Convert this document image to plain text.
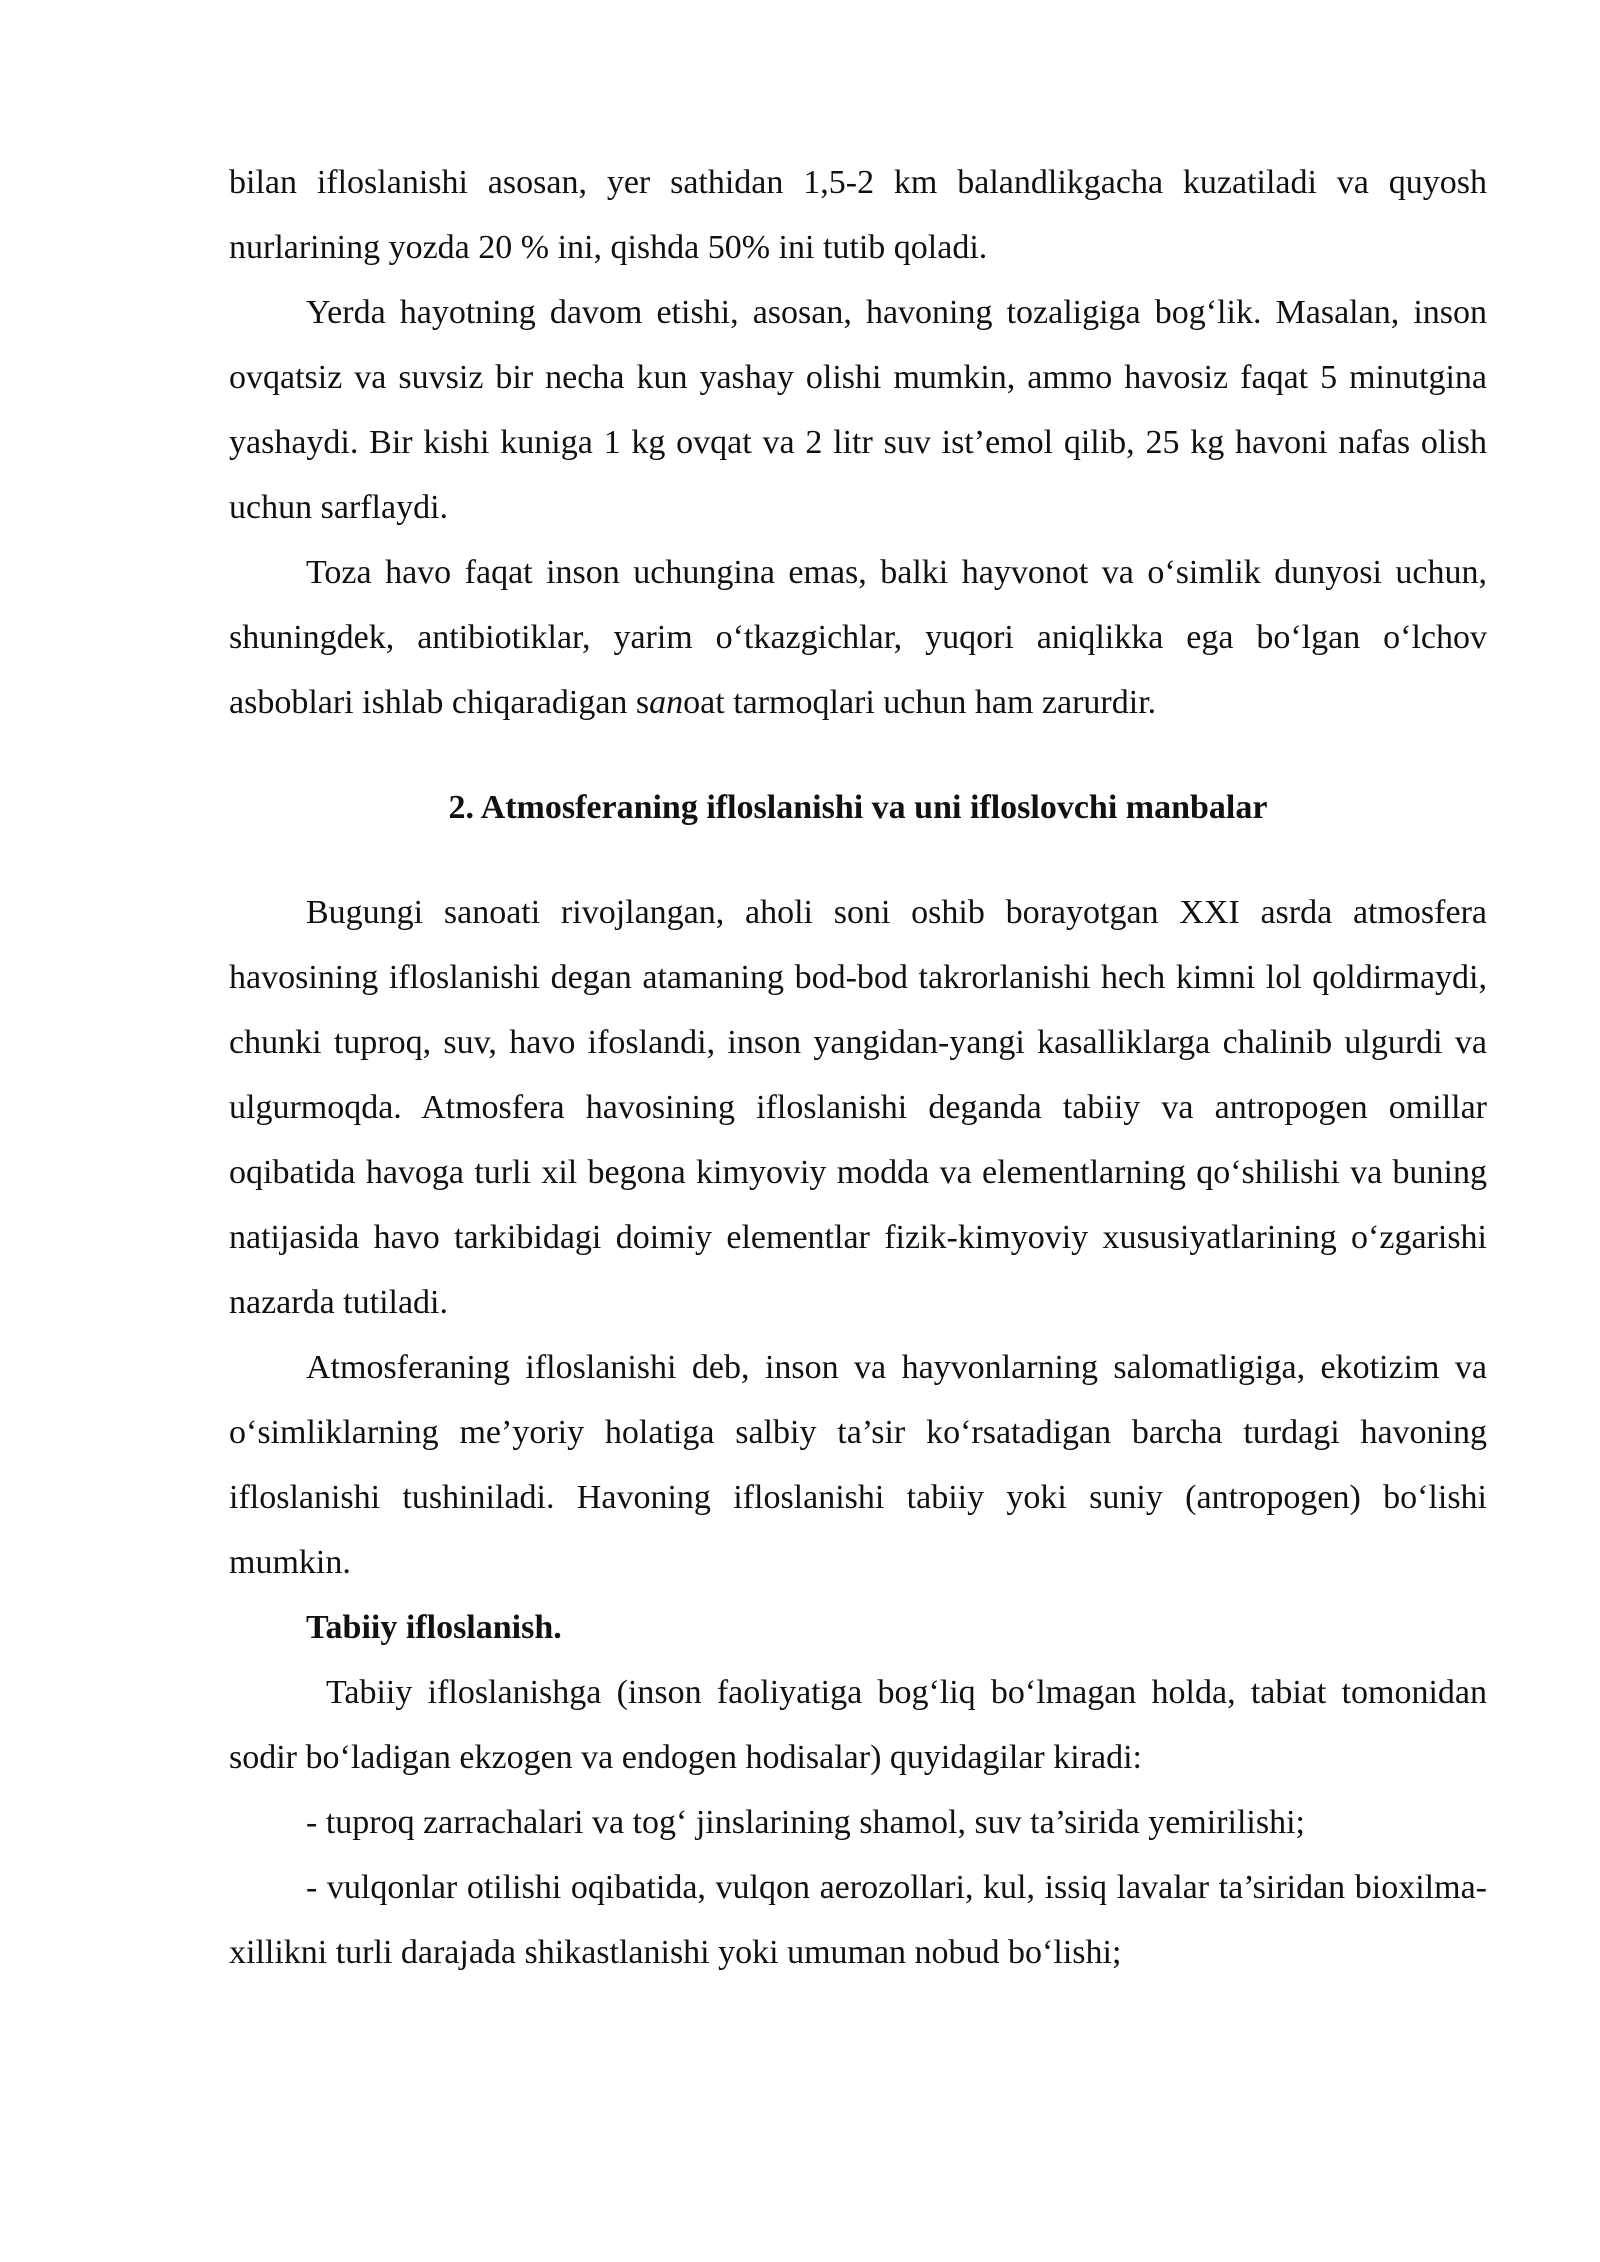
bilan ifloslanishi asosan, yer sathidan 1,5-2 km balandlikgacha kuzatiladi va quyosh nurlarining yozda 20 % ini, qishda 50% ini tutib qoladi.

Yerda hayotning davom etishi, asosan, havoning tozaligiga bog‘lik. Masalan, inson ovqatsiz va suvsiz bir necha kun yashay olishi mumkin, ammo havosiz faqat 5 minutgina yashaydi. Bir kishi kuniga 1 kg ovqat va 2 litr suv ist’emol qilib, 25 kg havoni nafas olish uchun sarflaydi.

Toza havo faqat inson uchungina emas, balki hayvonot va o‘simlik dunyosi uchun, shuningdek, antibiotiklar, yarim o‘tkazgichlar, yuqori aniqlikka ega bo‘lgan o‘lchov asboblari ishlab chiqaradigan sanoat tarmoqlari uchun ham zarurdir.

2. Atmosferaning ifloslanishi va uni ifloslovchi manbalar

Bugungi sanoati rivojlangan, aholi soni oshib borayotgan XXI asrda atmosfera havosining ifloslanishi degan atamaning bod-bod takrorlanishi hech kimni lol qoldirmaydi, chunki tuproq, suv, havo ifoslandi, inson yangidan-yangi kasalliklarga chalinib ulgurdi va ulgurmoqda. Atmosfera havosining ifloslanishi deganda tabiiy va antropogen omillar oqibatida havoga turli xil begona kimyoviy modda va elementlarning qo‘shilishi va buning natijasida havo tarkibidagi doimiy elementlar fizik-kimyoviy xususiyatlarining o‘zgarishi nazarda tutiladi.

Atmosferaning ifloslanishi deb, inson va hayvonlarning salomatligiga, ekotizim va o‘simliklarning me’yoriy holatiga salbiy ta’sir ko‘rsatadigan barcha turdagi havoning ifloslanishi tushiniladi. Havoning ifloslanishi tabiiy yoki suniy (antropogen) bo‘lishi mumkin.

Tabiiy ifloslanish.

Tabiiy ifloslanishga (inson faoliyatiga bog‘liq bo‘lmagan holda, tabiat tomonidan sodir bo‘ladigan ekzogen va endogen hodisalar) quyidagilar kiradi:

- tuproq zarrachalari va tog‘ jinslarining shamol, suv ta’sirida yemirilishi;

- vulqonlar otilishi oqibatida, vulqon aerozollari, kul, issiq lavalar ta’siridan bioxilma-xillikni turli darajada shikastlanishi yoki umuman nobud bo‘lishi;
